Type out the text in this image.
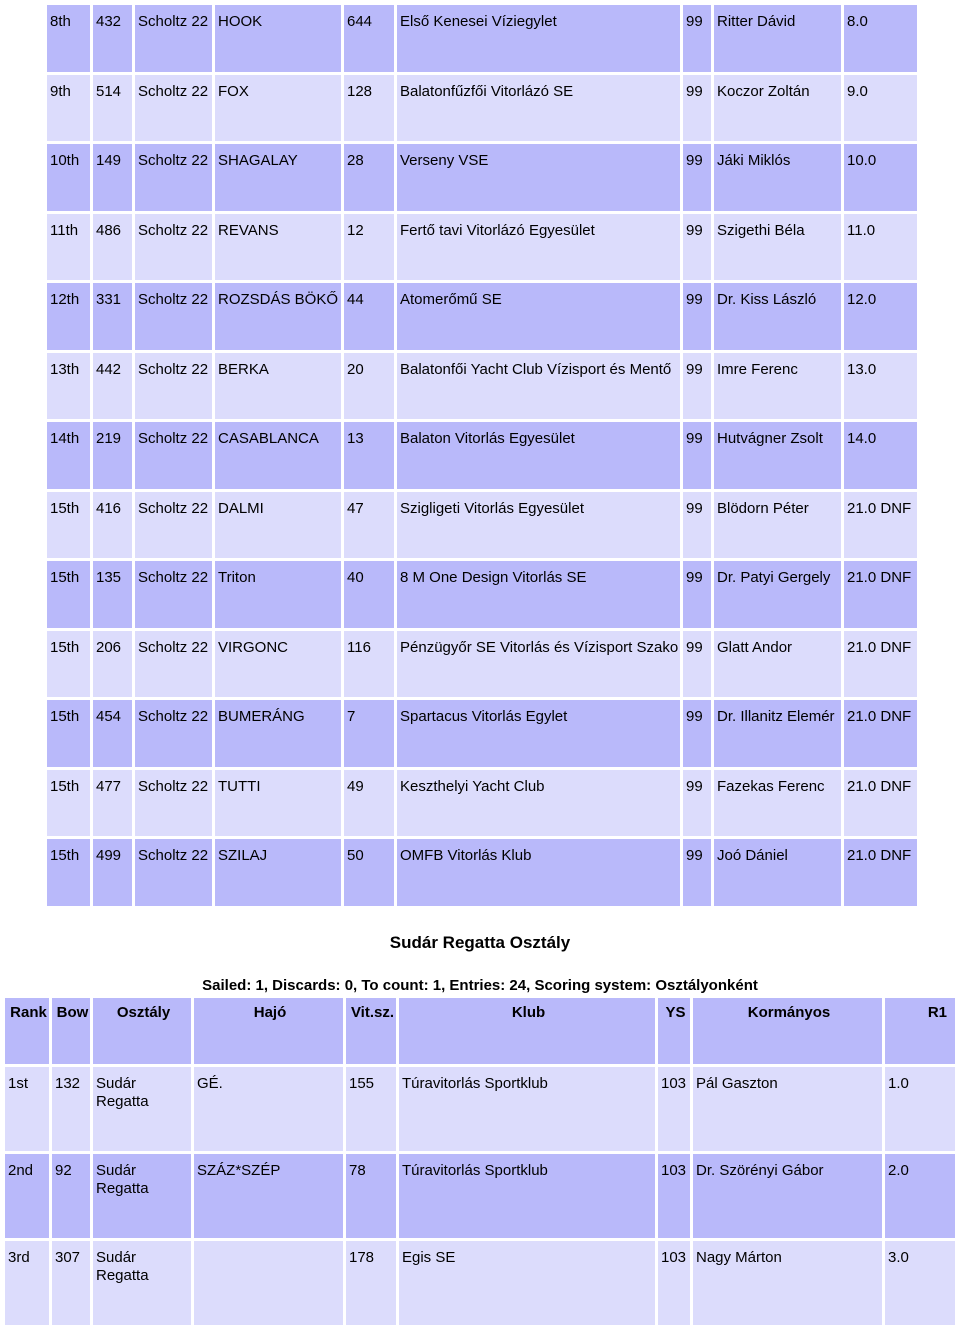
8th	432	Scholtz 22	HOOK	644	Első Kenesei Víziegylet	99	Ritter Dávid	8.0
9th	514	Scholtz 22	FOX	128	Balatonfűzfői Vitorlázó SE	99	Koczor Zoltán	9.0
10th	149	Scholtz 22	SHAGALAY	28	Verseny VSE	99	Jáki Miklós	10.0
11th	486	Scholtz 22	REVANS	12	Fertő tavi Vitorlázó Egyesület	99	Szigethi Béla	11.0
12th	331	Scholtz 22	ROZSDÁS BÖKŐ	44	Atomerőmű SE	99	Dr. Kiss László	12.0
13th	442	Scholtz 22	BERKA	20	Balatonfői Yacht Club Vízisport és Mentő	99	Imre Ferenc	13.0
14th	219	Scholtz 22	CASABLANCA	13	Balaton Vitorlás Egyesület	99	Hutvágner Zsolt	14.0
15th	416	Scholtz 22	DALMI	47	Szigligeti Vitorlás Egyesület	99	Blödorn Péter	21.0 DNF
15th	135	Scholtz 22	Triton	40	8 M One Design Vitorlás SE	99	Dr. Patyi Gergely	21.0 DNF
15th	206	Scholtz 22	VIRGONC	116	Pénzügyőr SE Vitorlás és Vízisport Szako	99	Glatt Andor	21.0 DNF
15th	454	Scholtz 22	BUMERÁNG	7	Spartacus Vitorlás Egylet	99	Dr. Illanitz Elemér	21.0 DNF
15th	477	Scholtz 22	TUTTI	49	Keszthelyi Yacht Club	99	Fazekas Ferenc	21.0 DNF
15th	499	Scholtz 22	SZILAJ	50	OMFB Vitorlás Klub	99	Joó Dániel	21.0 DNF
Sudár Regatta Osztály
Sailed: 1, Discards: 0, To count: 1, Entries: 24, Scoring system: Osztályonként
Rank	Bow	Osztály	Hajó	Vit.sz.	Klub	YS	Kormányos	R1
1st	132	Sudár Regatta	GÉ.	155	Túravitorlás Sportklub	103	Pál Gaszton	1.0
2nd	92	Sudár Regatta	SZÁZ*SZÉP	78	Túravitorlás Sportklub	103	Dr. Szörényi Gábor	2.0
3rd	307	Sudár Regatta		178	Egis SE	103	Nagy Márton	3.0
